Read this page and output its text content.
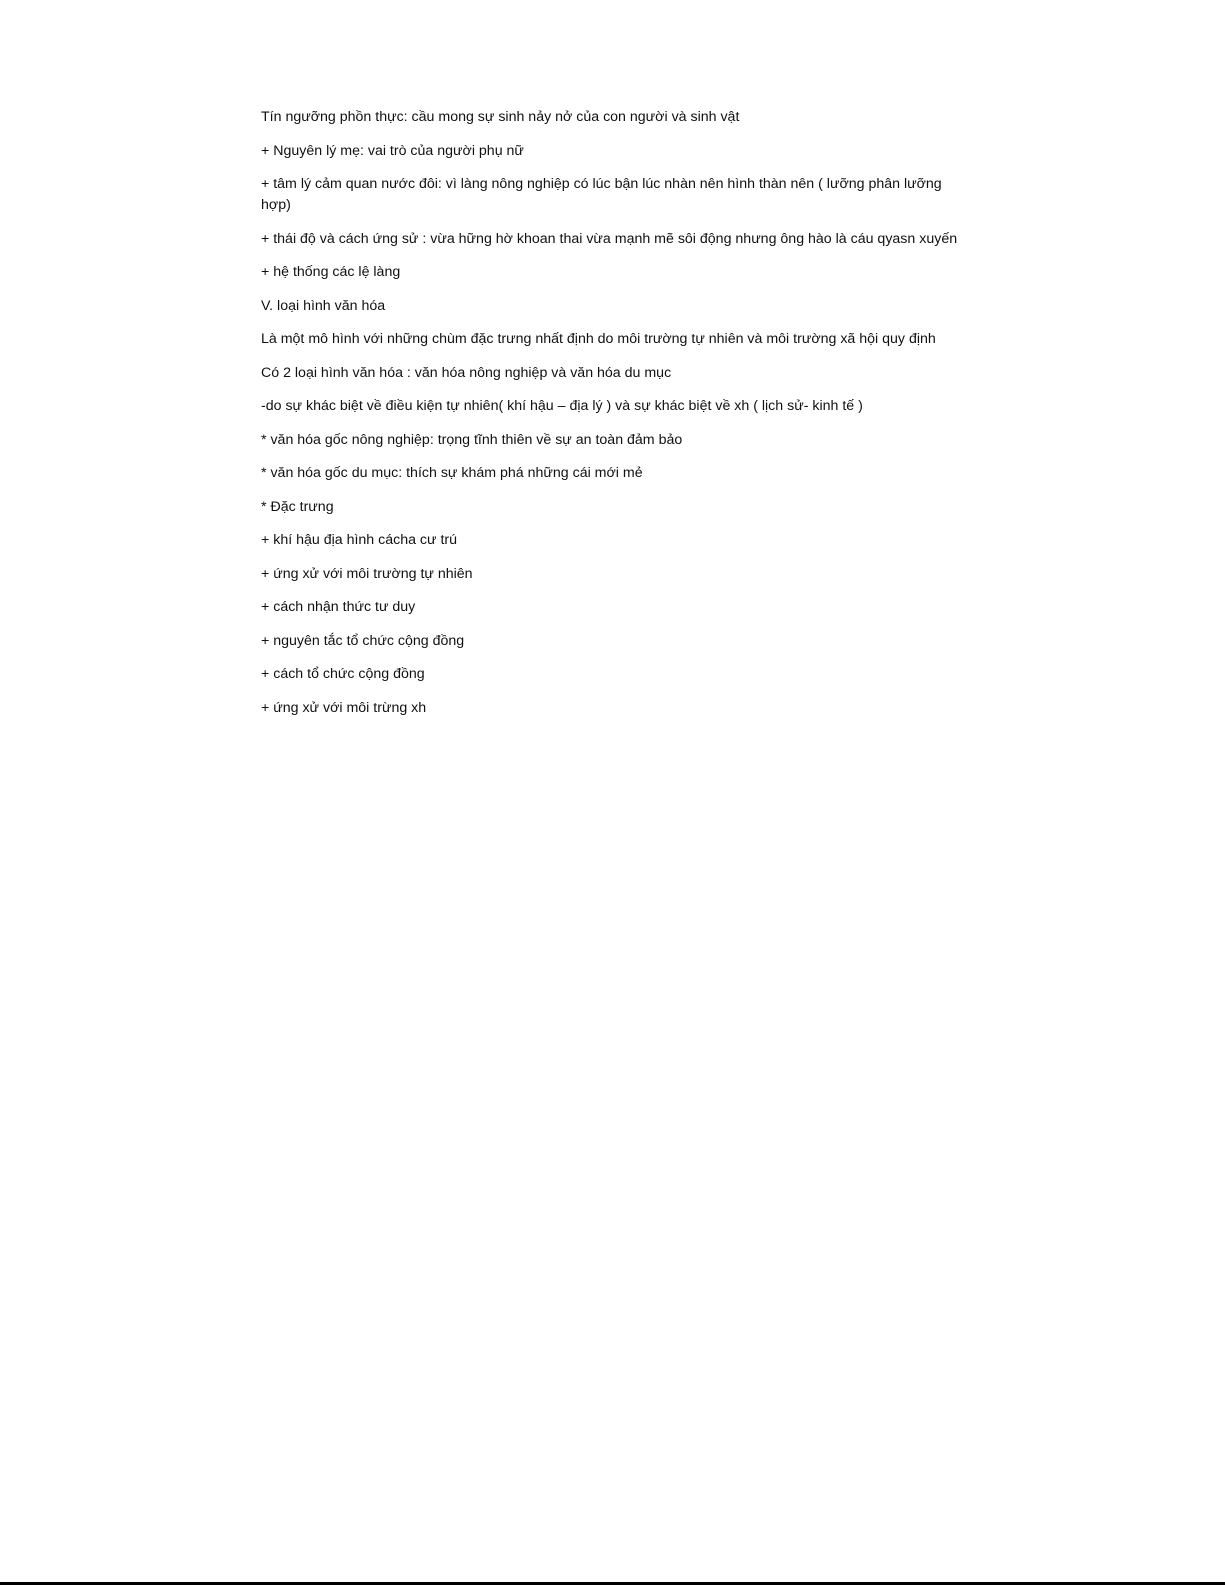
Tín ngưỡng phồn thực: cầu mong sự sinh nảy nở của con người và sinh vật

+ Nguyên lý mẹ: vai trò của người phụ nữ

+ tâm lý cảm quan nước đôi: vì làng nông nghiệp có lúc bận lúc nhàn nên hình thàn nên ( lưỡng phân lưỡng hợp)

+ thái độ và cách ứng sử : vừa hững hờ khoan thai vừa mạnh mẽ sôi động nhưng ông hào là cáu qyasn xuyến

+ hệ thống các lệ làng

V. loại hình văn hóa

Là một mô hình với những chùm đặc trưng nhất định do môi trường tự nhiên và môi trường xã hội quy định

Có 2 loại hình văn hóa : văn hóa nông nghiệp và văn hóa du mục

-do sự khác biệt về điều kiện tự nhiên( khí hậu – địa lý ) và sự khác biệt về xh ( lịch sử- kinh tế )

* văn hóa gốc nông nghiệp: trọng tĩnh thiên về sự an toàn đảm bảo

* văn hóa gốc du mục: thích sự khám phá những cái mới mẻ

* Đặc trưng

+ khí hậu địa hình cácha cư trú

+ ứng xử với môi trường tự nhiên

+ cách nhận thức tư duy

+ nguyên tắc tổ chức cộng đồng

+ cách tổ chức cộng đồng

+ ứng xử với môi trừng xh
